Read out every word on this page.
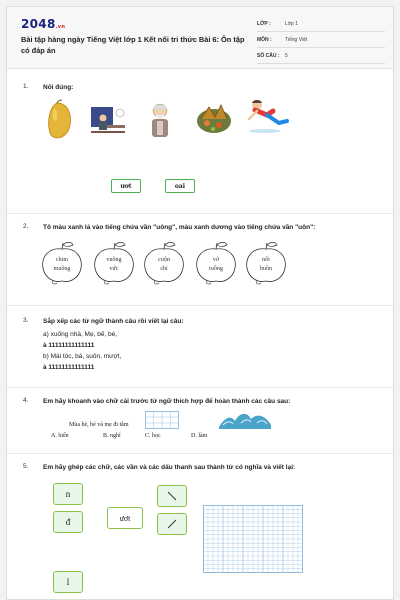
2048.vn
Bài tập hàng ngày Tiếng Việt lớp 1 Kết nối tri thức Bài 6: Ôn tập có đáp án
LỚP :	Lớp 1
MÔN :	Tiếng Việt
SỐ CÂU : 5
1. Nối đúng:
ươt	oai
2. Tô màu xanh lá vào tiếng chứa vần "uông", màu xanh dương vào tiếng chứa vần "uôn":
chim
muông
vuông
vức
cuộn
chỉ
vở
tuồng
nỗi
buồn
3. Sắp xếp các từ ngữ thành câu rồi viết lại câu:
a) xuống nhà, Mẹ, bế, bé,
à 11111111111111
b) Mái tóc, bà, suôn, mượt,
à 11111111111111
4. Em hãy khoanh vào chữ cái trước từ ngữ thích hợp để hoàn thành các câu sau:
Mùa hè, bé và mẹ đi tắm
A. biển	B. nghỉ	C. học	D. làm
5. Em hãy ghép các chữ, các vần và các dấu thanh sau thành từ có nghĩa và viết lại:
n
đ	ươt
l
